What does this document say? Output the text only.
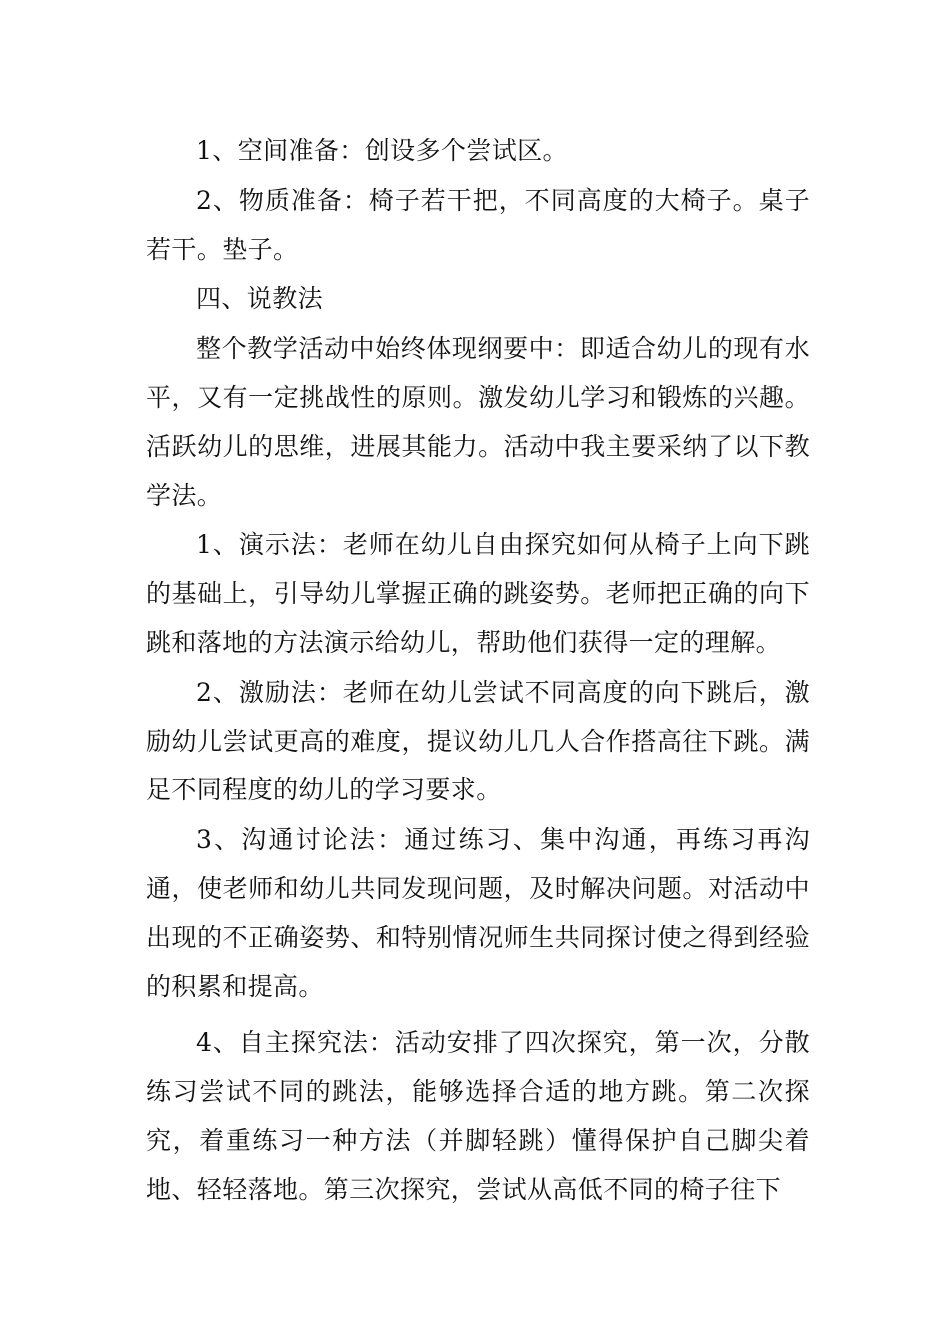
1、空间准备：创设多个尝试区。

2、物质准备：椅子若干把，不同高度的大椅子。桌子若干。垫子。

四、说教法

整个教学活动中始终体现纲要中：即适合幼儿的现有水平，又有一定挑战性的原则。激发幼儿学习和锻炼的兴趣。活跃幼儿的思维，进展其能力。活动中我主要采纳了以下教学法。

1、演示法：老师在幼儿自由探究如何从椅子上向下跳的基础上，引导幼儿掌握正确的跳姿势。老师把正确的向下跳和落地的方法演示给幼儿，帮助他们获得一定的理解。

2、激励法：老师在幼儿尝试不同高度的向下跳后，激励幼儿尝试更高的难度，提议幼儿几人合作搭高往下跳。满足不同程度的幼儿的学习要求。

3、沟通讨论法：通过练习、集中沟通，再练习再沟通，使老师和幼儿共同发现问题，及时解决问题。对活动中出现的不正确姿势、和特别情况师生共同探讨使之得到经验的积累和提高。

4、自主探究法：活动安排了四次探究，第一次，分散练习尝试不同的跳法，能够选择合适的地方跳。第二次探究，着重练习一种方法（并脚轻跳）懂得保护自己脚尖着地、轻轻落地。第三次探究，尝试从高低不同的椅子往下
